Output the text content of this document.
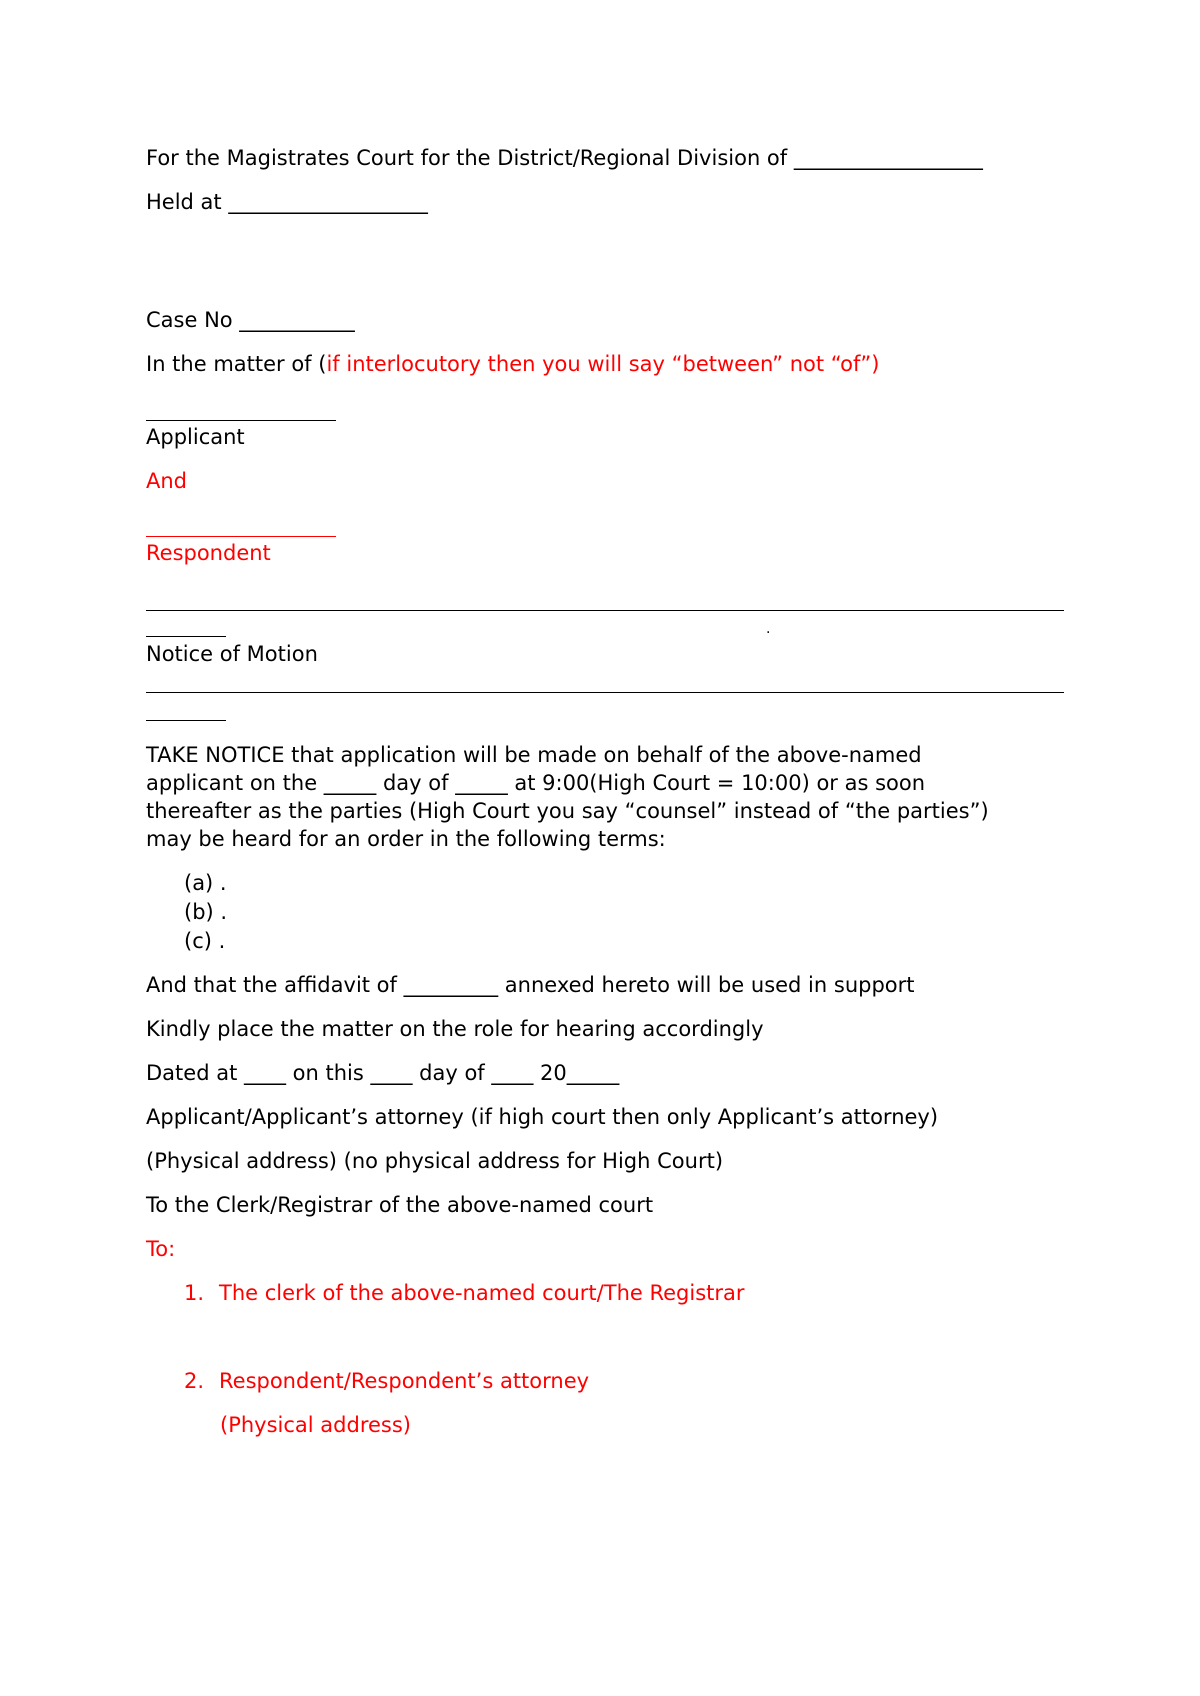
For the Magistrates Court for the District/Regional Division of __________________
Held at ___________________
Case No ___________
In the matter of (if interlocutory then you will say “between” not “of”)
Applicant
And
Respondent
.
Notice of Motion
TAKE NOTICE that application will be made on behalf of the above-named
applicant on the _____ day of _____ at 9:00(High Court = 10:00) or as soon
thereafter as the parties (High Court you say “counsel” instead of “the parties”)
may be heard for an order in the following terms:
(a) .
(b) .
(c) .
And that the affidavit of _________ annexed hereto will be used in support
Kindly place the matter on the role for hearing accordingly
Dated at ____ on this ____ day of ____ 20_____
Applicant/Applicant’s attorney (if high court then only Applicant’s attorney)
(Physical address) (no physical address for High Court)
To the Clerk/Registrar of the above-named court
To:
1. The clerk of the above-named court/The Registrar
2. Respondent/Respondent’s attorney
(Physical address)
